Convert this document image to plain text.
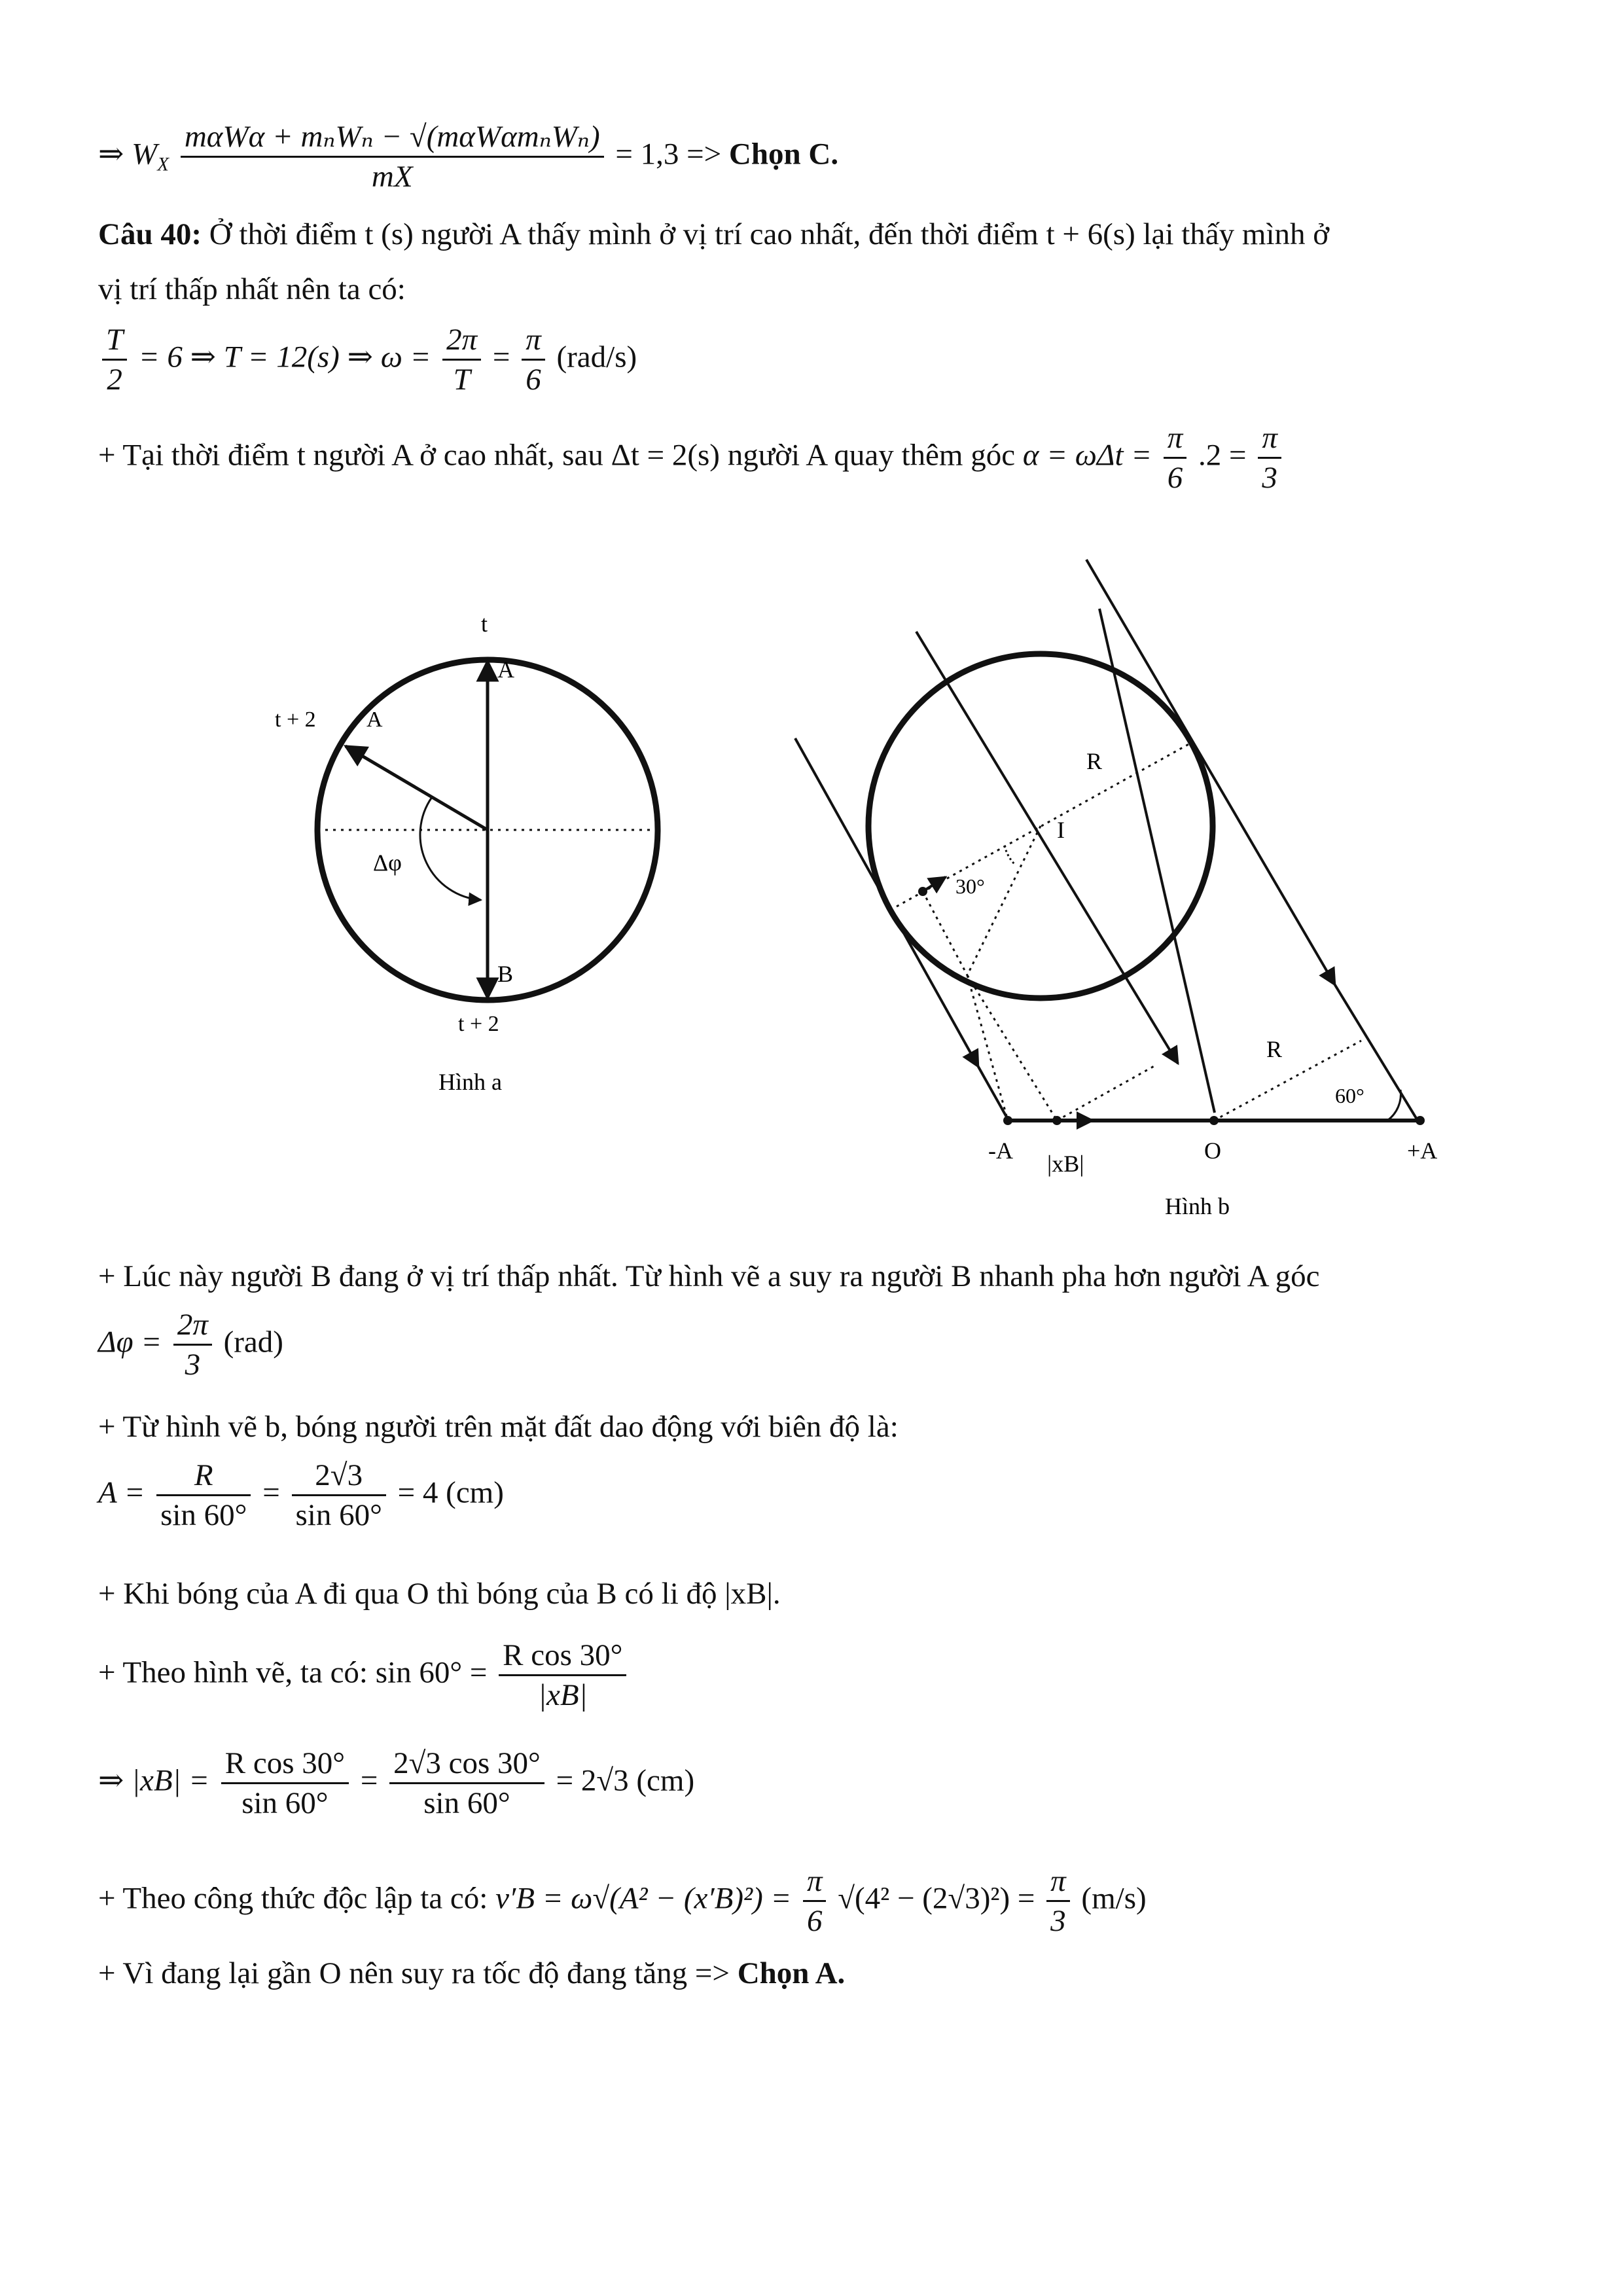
⇒ $W_X \frac{\text{mαWα + mₙWₙ − √(mαWαmₙWₙ)}}{mX} = 1,3$ => Chọn C.
Câu 40: Ở thời điểm t (s) người A thấy mình ở vị trí cao nhất, đến thời điểm t + 6(s) lại thấy mình ở
vị trí thấp nhất nên ta có:
$\frac{T}{2} = 6$ ⇒ T = 12(s) ⇒ $\omega = \frac{2\pi}{T} = \frac{\pi}{6} (rad/s)$
+ Tại thời điểm t người A ở cao nhất, sau Δt = 2(s) người A quay thêm góc $\alpha = \omega\Delta t = \frac{\pi}{6} .2 = \frac{\pi}{3}$
t
A
t + 2 A
Δφ
B
t + 2
Hình a
R
I
30°
R
60°
-A |xB|	O	+A
Hình b
+ Lúc này người B đang ở vị trí thấp nhất. Từ hình vẽ a suy ra người B nhanh pha hơn người A góc
$\Delta\varphi = \frac{2\pi}{3} (rad)$
+ Từ hình vẽ b, bóng người trên mặt đất dao động với biên độ là:
$A = \frac{R}{\sin 60^\circ} = \frac{2√3}{\sin 60^\circ} = 4$ (cm)
+ Khi bóng của A đi qua O thì bóng của B có li độ |xB|.
+ Theo hình vẽ, ta có: $\sin 60^\circ = \frac{\text{R cos 30°}}{|xB|}$
⇒ $|xB| = \frac{\text{R cos 30°}}{\sin 60^\circ} = \frac{2√3 \cos 30^\circ}{\sin 60^\circ} = 2√3$ (cm)
+ Theo công thức độc lập ta có: $v'B = \omega√(A^2 - (x'B)^2) = \frac{\pi}{6} √(4^2 - (2√3)^2) = \frac{\pi}{3} (m/s)$
+ Vì đang lại gần O nên suy ra tốc độ đang tăng => Chọn A.
